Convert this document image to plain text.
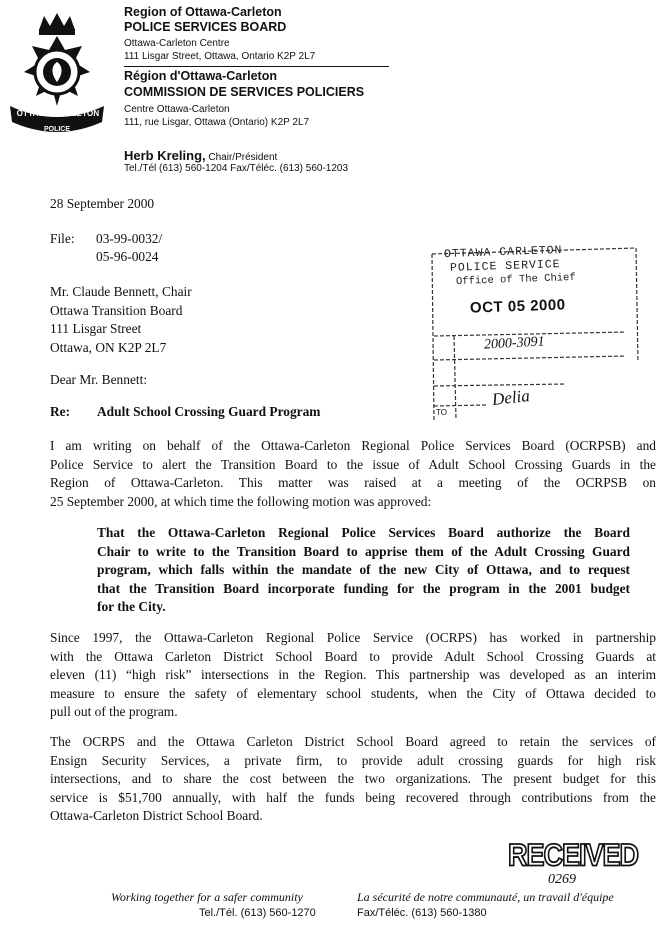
OTTAWA CARLETON
POLICE
Region of Ottawa-Carleton
POLICE SERVICES BOARD
Ottawa-Carleton Centre
111 Lisgar Street, Ottawa, Ontario K2P 2L7
Région d'Ottawa-Carleton
COMMISSION DE SERVICES POLICIERS
Centre Ottawa-Carleton
111, rue Lisgar, Ottawa (Ontario) K2P 2L7
Herb Kreling, Chair/Président
Tel./Tél (613) 560-1204 Fax/Téléc. (613) 560-1203
28 September 2000
File: 03-99-0032/
05-96-0024
Mr. Claude Bennett, Chair
Ottawa Transition Board
111 Lisgar Street
Ottawa, ON K2P 2L7
OTTAWA CARLETON
POLICE SERVICE
Office of The Chief
OCT 05 2000
2000-3091
TO
Delia
Dear Mr. Bennett:
Re: Adult School Crossing Guard Program
I am writing on behalf of the Ottawa-Carleton Regional Police Services Board (OCRPSB) and
Police Service to alert the Transition Board to the issue of Adult School Crossing Guards in the
Region of Ottawa-Carleton. This matter was raised at a meeting of the OCRPSB on
25 September 2000, at which time the following motion was approved:
That the Ottawa-Carleton Regional Police Services Board authorize the Board
Chair to write to the Transition Board to apprise them of the Adult Crossing Guard
program, which falls within the mandate of the new City of Ottawa, and to request
that the Transition Board incorporate funding for the program in the 2001 budget
for the City.
Since 1997, the Ottawa-Carleton Regional Police Service (OCRPS) has worked in partnership
with the Ottawa Carleton District School Board to provide Adult School Crossing Guards at
eleven (11) “high risk” intersections in the Region. This partnership was developed as an interim
measure to ensure the safety of elementary school students, when the City of Ottawa decided to
pull out of the program.
The OCRPS and the Ottawa Carleton District School Board agreed to retain the services of
Ensign Security Services, a private firm, to provide adult crossing guards for high risk
intersections, and to share the cost between the two organizations. The present budget for this
service is $51,700 annually, with half the funds being recovered through contributions from the
Ottawa-Carleton District School Board.
RECEIVED
0269
Working together for a safer community
Tel./Tél. (613) 560-1270
La sécurité de notre communauté, un travail d'équipe
Fax/Téléc. (613) 560-1380
